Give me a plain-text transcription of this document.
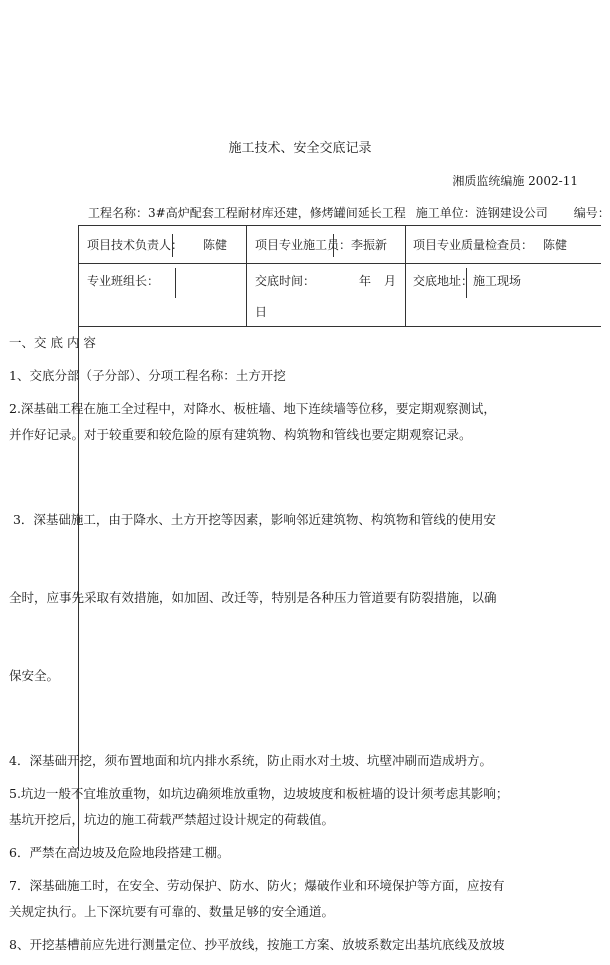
施工技术、安全交底记录
湘质监统编施 2002-11
工程名称：3#高炉配套工程耐材库还建，修烤罐间延长工程 施工单位：涟钢建设公司 编号：
项目技术负责人： 陈健 项目专业施工员： 李振新 项目专业质量检查员： 陈健
专业班组长：	交底时间：	年 月
日
交底地址： 施工现场

一、交 底 内 容

1、交底分部（子分部）、分项工程名称：土方开挖

2.深基础工程在施工全过程中，对降水、板桩墙、地下连续墙等位移，要定期观察测试，

并作好记录。对于较重要和较危险的原有建筑物、构筑物和管线也要定期观察记录。

3．深基础施工，由于降水、土方开挖等因素，影响邻近建筑物、构筑物和管线的使用安

全时，应事先采取有效措施，如加固、改迁等，特别是各种压力管道要有防裂措施，以确

保安全。

4．深基础开挖，须布置地面和坑内排水系统，防止雨水对土坡、坑壁冲刷而造成坍方。

5.坑边一般不宜堆放重物，如坑边确须堆放重物，边坡坡度和板桩墙的设计须考虑其影响；

基坑开挖后，坑边的施工荷载严禁超过设计规定的荷载值。

6．严禁在高边坡及危险地段搭建工棚。

7．深基础施工时，在安全、劳动保护、防水、防火；爆破作业和环境保护等方面，应按有

关规定执行。上下深坑要有可靠的、数量足够的安全通道。

8、开挖基槽前应先进行测量定位、抄平放线，按施工方案、放坡系数定出基坑底线及放坡
